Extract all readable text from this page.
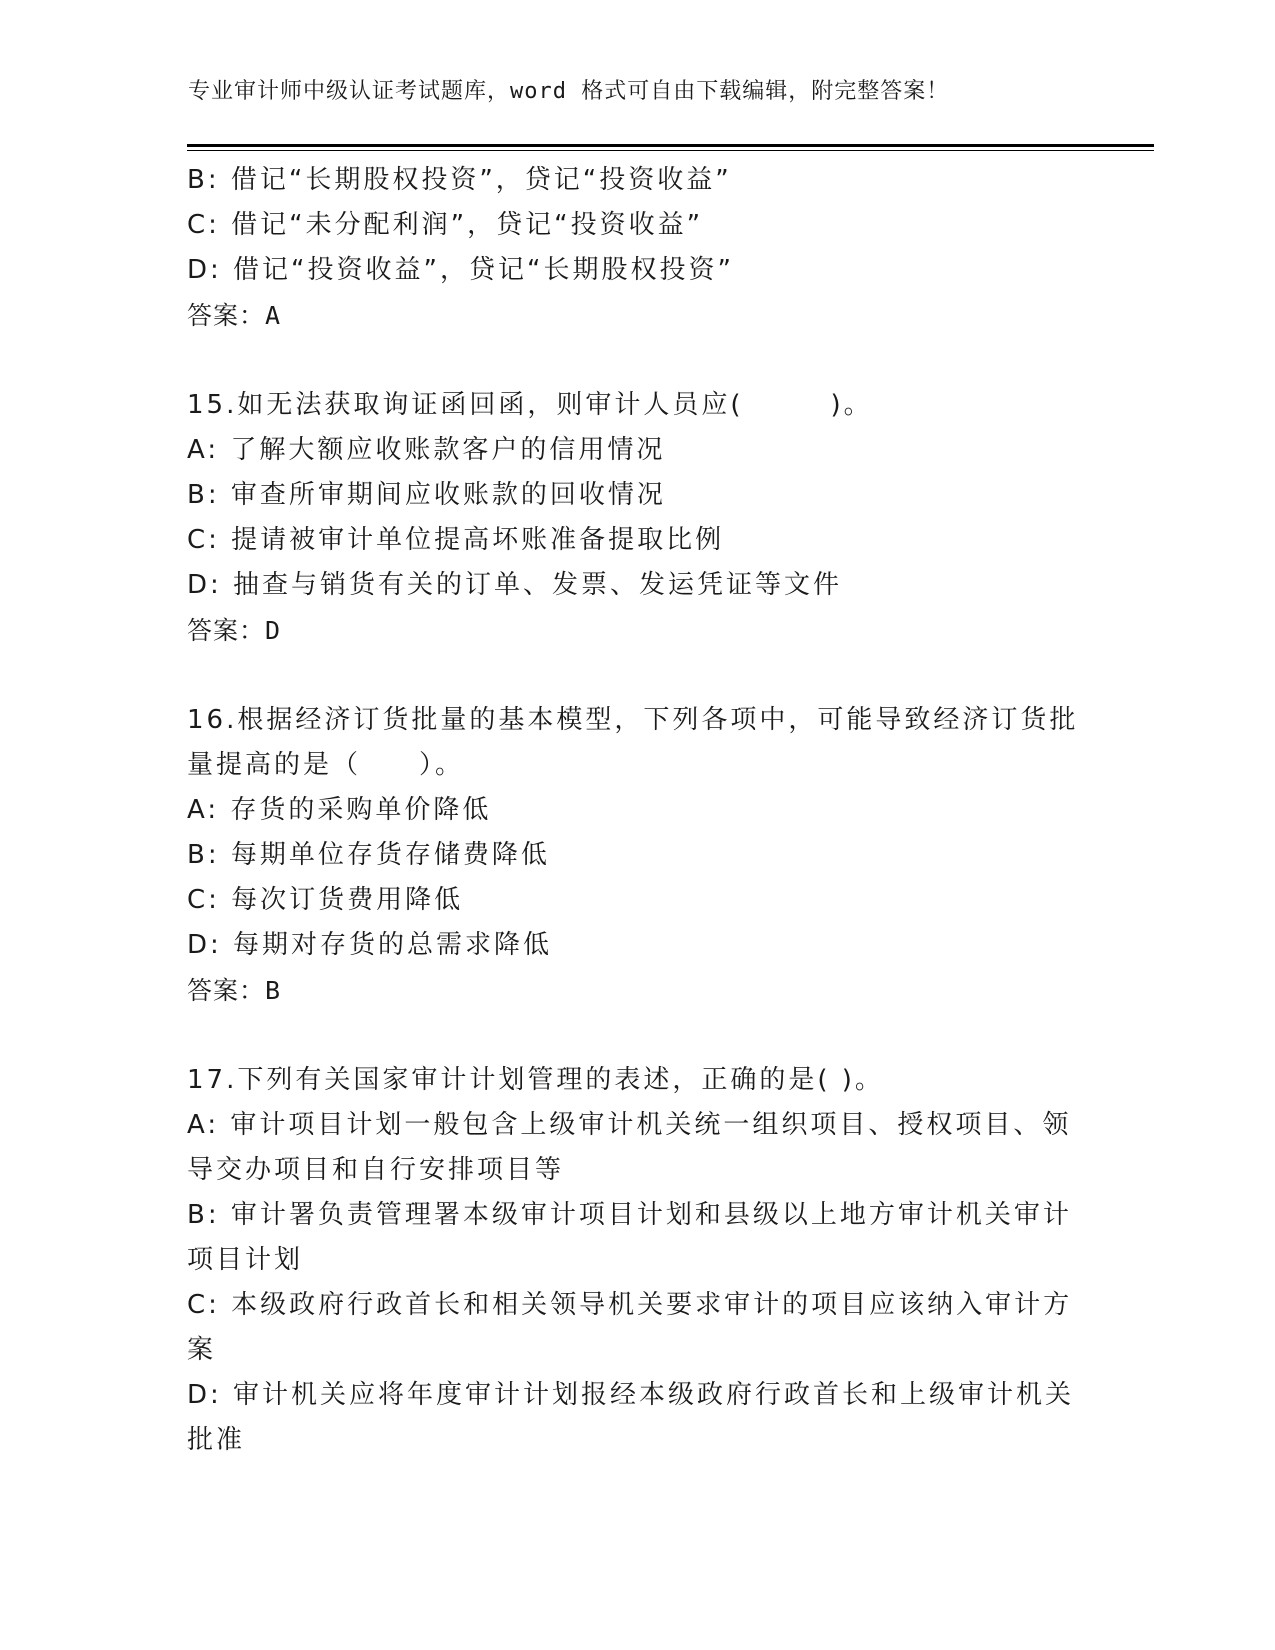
专业审计师中级认证考试题库，word 格式可自由下载编辑，附完整答案！
B: 借记“长期股权投资”，贷记“投资收益”
C: 借记“未分配利润”，贷记“投资收益”
D: 借记“投资收益”，贷记“长期股权投资”
答案：A
15.如无法获取询证函回函，则审计人员应(　　　)。
A: 了解大额应收账款客户的信用情况
B: 审查所审期间应收账款的回收情况
C: 提请被审计单位提高坏账准备提取比例
D: 抽查与销货有关的订单、发票、发运凭证等文件
答案：D
16.根据经济订货批量的基本模型，下列各项中，可能导致经济订货批
量提高的是（　　）。
A: 存货的采购单价降低
B: 每期单位存货存储费降低
C: 每次订货费用降低
D: 每期对存货的总需求降低
答案：B
17.下列有关国家审计计划管理的表述，正确的是( )。
A: 审计项目计划一般包含上级审计机关统一组织项目、授权项目、领
导交办项目和自行安排项目等
B: 审计署负责管理署本级审计项目计划和县级以上地方审计机关审计
项目计划
C: 本级政府行政首长和相关领导机关要求审计的项目应该纳入审计方
案
D: 审计机关应将年度审计计划报经本级政府行政首长和上级审计机关
批准
